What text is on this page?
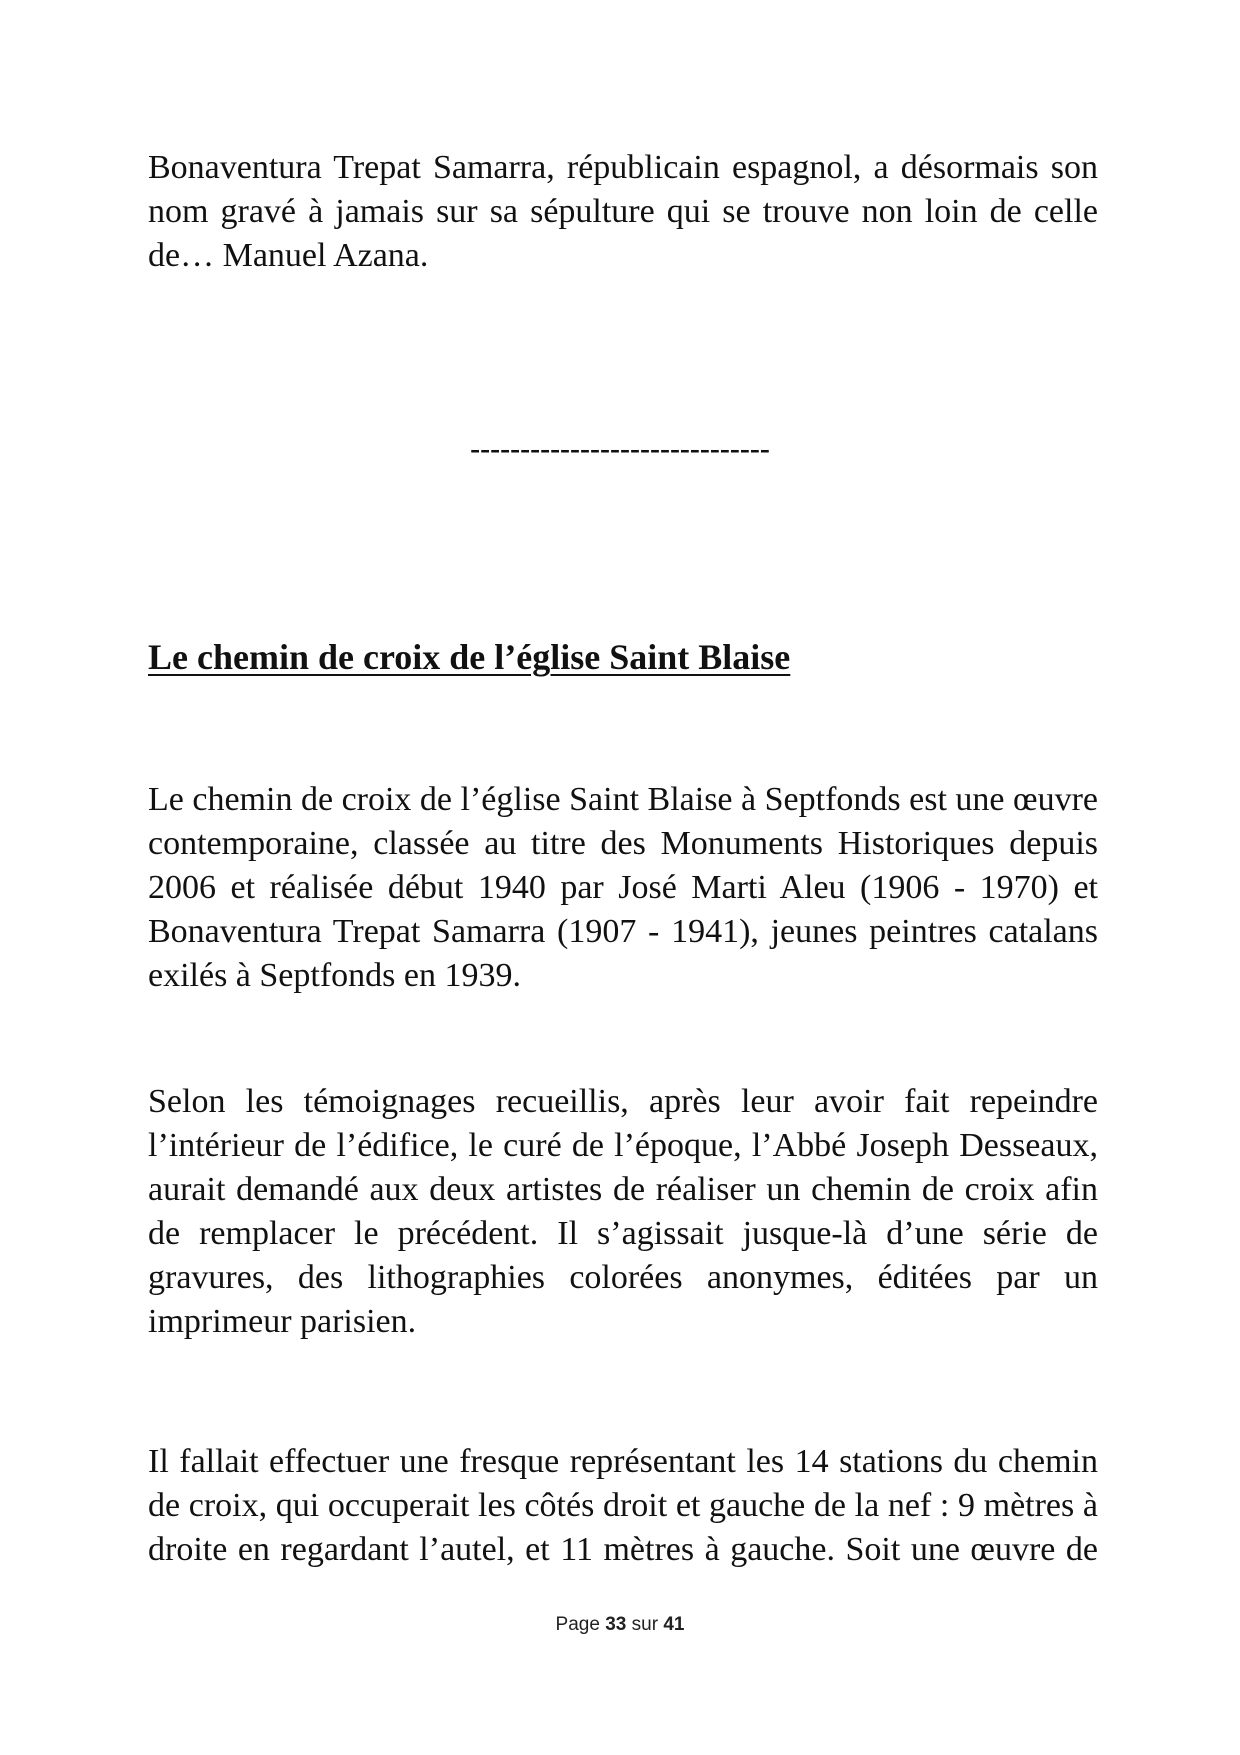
Bonaventura Trepat Samarra, républicain espagnol, a désormais son nom gravé à jamais sur sa sépulture qui se trouve non loin de celle de… Manuel Azana.

------------------------------

Le chemin de croix de l’église Saint Blaise

Le chemin de croix de l’église Saint Blaise à Septfonds est une œuvre contemporaine, classée au titre des Monuments Historiques depuis 2006 et réalisée début 1940 par José Marti Aleu (1906 - 1970) et Bonaventura Trepat Samarra (1907 - 1941), jeunes peintres catalans exilés à Septfonds en 1939.

Selon les témoignages recueillis, après leur avoir fait repeindre l’intérieur de l’édifice, le curé de l’époque, l’Abbé Joseph Desseaux, aurait demandé aux deux artistes de réaliser un chemin de croix afin de remplacer le précédent. Il s’agissait jusque-là d’une série de gravures, des lithographies colorées anonymes, éditées par un imprimeur parisien.

Il fallait effectuer une fresque représentant les 14 stations du chemin de croix, qui occuperait les côtés droit et gauche de la nef : 9 mètres à droite en regardant l’autel, et 11 mètres à gauche. Soit une œuvre de

Page 33 sur 41
